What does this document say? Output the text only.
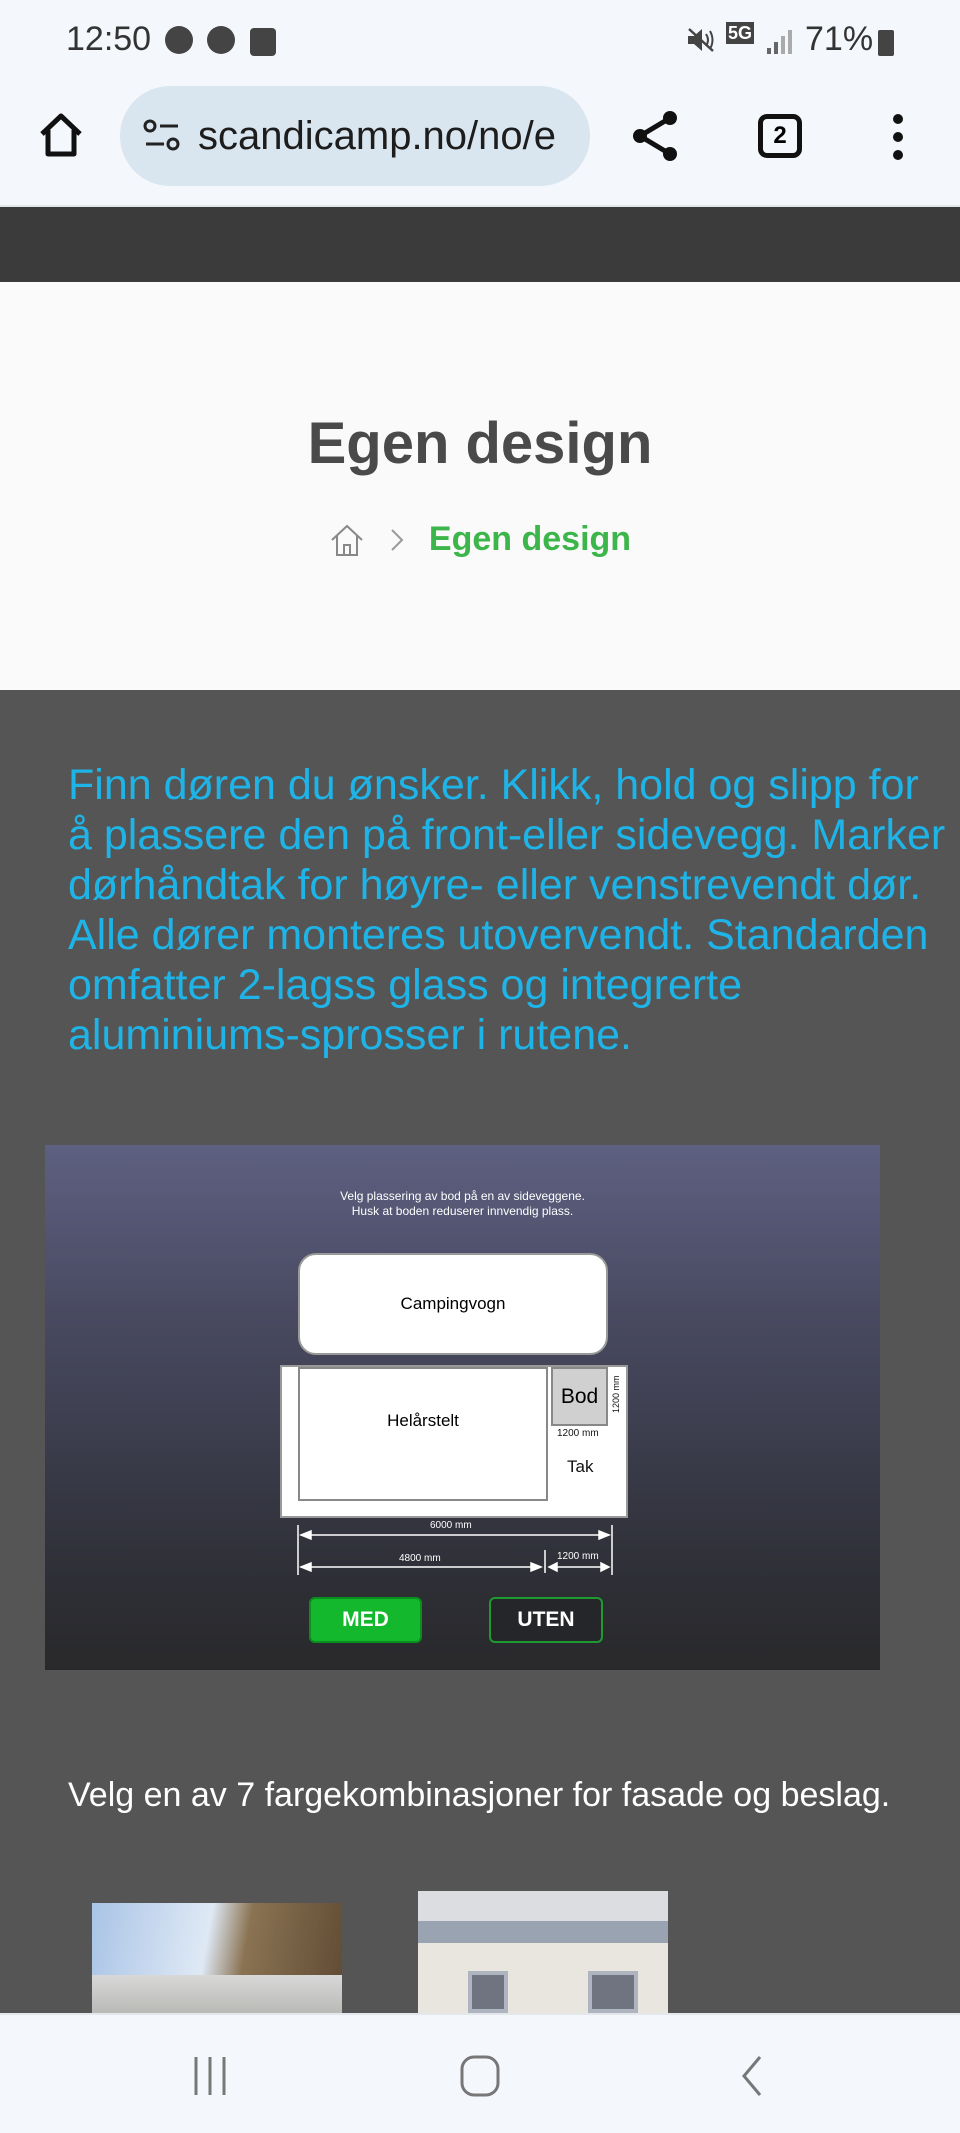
12:50	5G 71%
scandicamp.no/no/e	2
Egen design
Egen design
Finn døren du ønsker. Klikk, hold og slipp for å plassere den på front-eller sidevegg. Marker dørhåndtak for høyre- eller venstrevendt dør. Alle dører monteres utovervendt. Standarden omfatter 2-lagss glass og integrerte aluminiums-sprosser i rutene.
Velg plassering av bod på en av sideveggene.
Husk at boden reduserer innvendig plass.
Campingvogn
Helårstelt
Bod
1200 mm
1200 mm
Tak
6000 mm
4800 mm	1200 mm
MED	UTEN
Velg en av 7 fargekombinasjoner for fasade og beslag.
